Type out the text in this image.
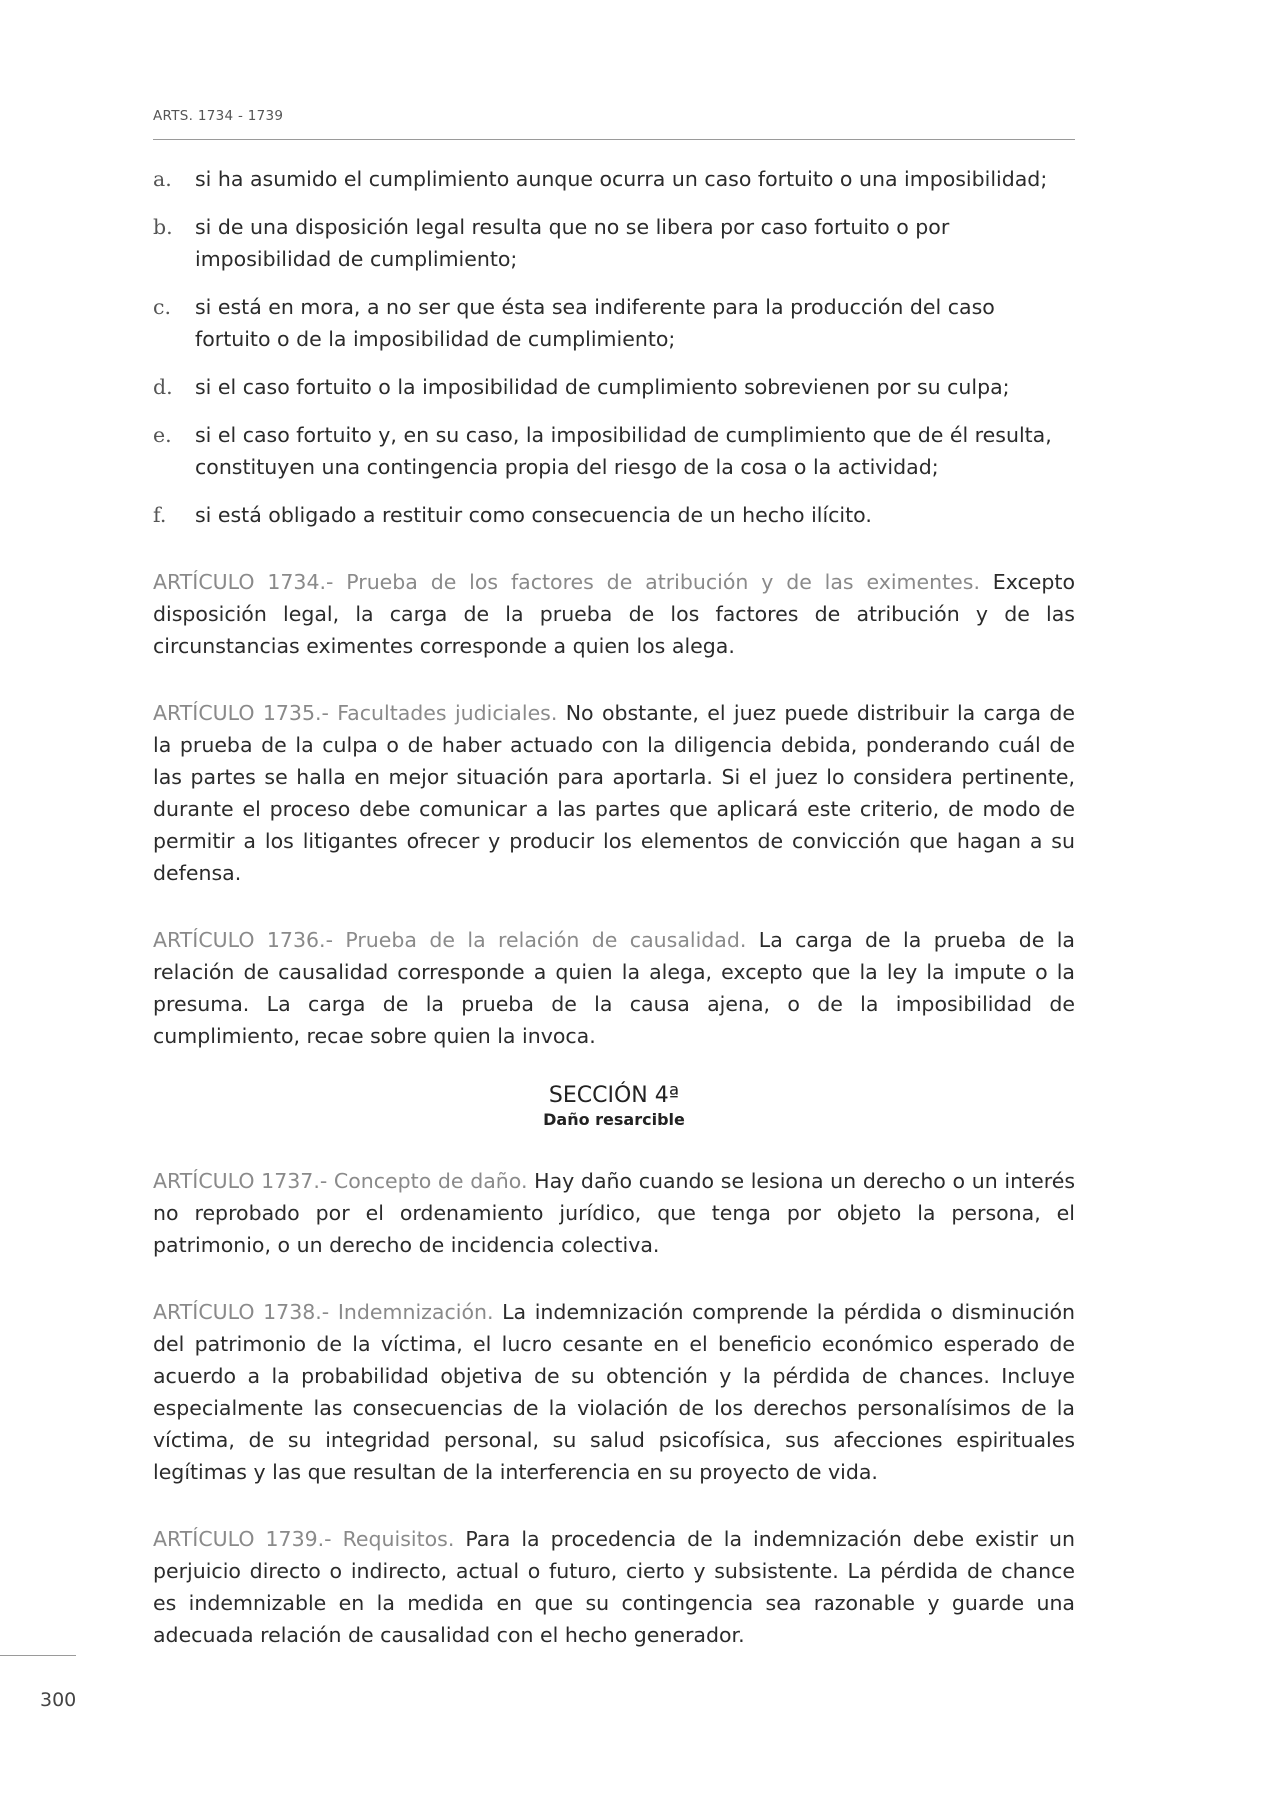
ARTS. 1734 - 1739
a. si ha asumido el cumplimiento aunque ocurra un caso fortuito o una imposibilidad;
b. si de una disposición legal resulta que no se libera por caso fortuito o por imposibilidad de cumplimiento;
c. si está en mora, a no ser que ésta sea indiferente para la producción del caso fortuito o de la imposibilidad de cumplimiento;
d. si el caso fortuito o la imposibilidad de cumplimiento sobrevienen por su culpa;
e. si el caso fortuito y, en su caso, la imposibilidad de cumplimiento que de él resulta, constituyen una contingencia propia del riesgo de la cosa o la actividad;
f. si está obligado a restituir como consecuencia de un hecho ilícito.

ARTÍCULO 1734.- Prueba de los factores de atribución y de las eximentes. Excepto disposición legal, la carga de la prueba de los factores de atribución y de las circunstancias eximentes corresponde a quien los alega.

ARTÍCULO 1735.- Facultades judiciales. No obstante, el juez puede distribuir la carga de la prueba de la culpa o de haber actuado con la diligencia debida, ponderando cuál de las partes se halla en mejor situación para aportarla. Si el juez lo considera pertinente, durante el proceso debe comunicar a las partes que aplicará este criterio, de modo de permitir a los litigantes ofrecer y producir los elementos de convicción que hagan a su defensa.

ARTÍCULO 1736.- Prueba de la relación de causalidad. La carga de la prueba de la relación de causalidad corresponde a quien la alega, excepto que la ley la impute o la presuma. La carga de la prueba de la causa ajena, o de la imposibilidad de cumplimiento, recae sobre quien la invoca.

SECCIÓN 4ª
Daño resarcible

ARTÍCULO 1737.- Concepto de daño. Hay daño cuando se lesiona un derecho o un interés no reprobado por el ordenamiento jurídico, que tenga por objeto la persona, el patrimonio, o un derecho de incidencia colectiva.

ARTÍCULO 1738.- Indemnización. La indemnización comprende la pérdida o disminución del patrimonio de la víctima, el lucro cesante en el beneficio económico esperado de acuerdo a la probabilidad objetiva de su obtención y la pérdida de chances. Incluye especialmente las consecuencias de la violación de los derechos personalísimos de la víctima, de su integridad personal, su salud psicofísica, sus afecciones espirituales legítimas y las que resultan de la interferencia en su proyecto de vida.

ARTÍCULO 1739.- Requisitos. Para la procedencia de la indemnización debe existir un perjuicio directo o indirecto, actual o futuro, cierto y subsistente. La pérdida de chance es indemnizable en la medida en que su contingencia sea razonable y guarde una adecuada relación de causalidad con el hecho generador.

300
